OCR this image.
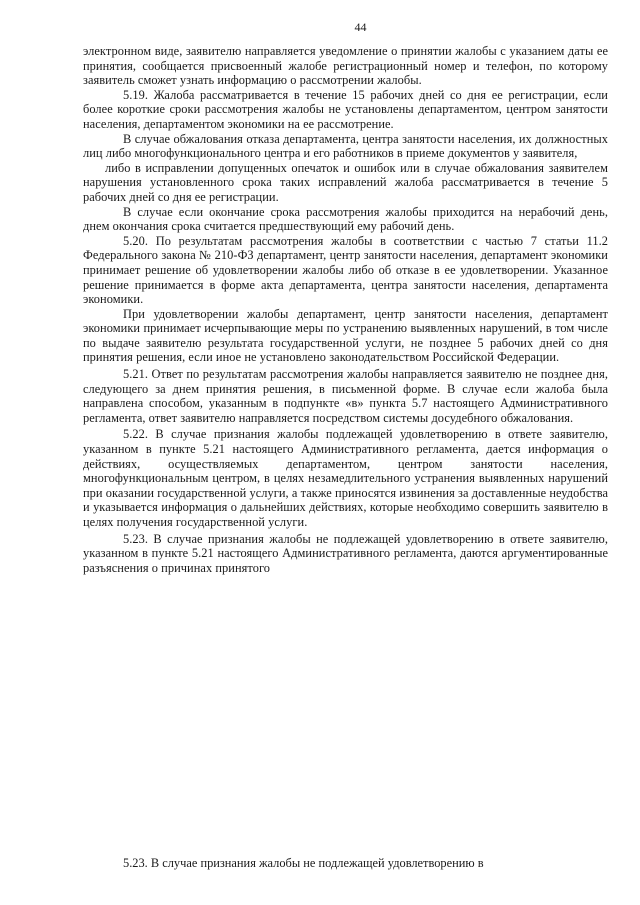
44

электронном виде, заявителю направляется уведомление о принятии жалобы с указанием даты ее принятия, сообщается присвоенный жалобе регистрационный номер и телефон, по которому заявитель сможет узнать информацию о рассмотрении жалобы.

5.19. Жалоба рассматривается в течение 15 рабочих дней со дня ее регистрации, если более короткие сроки рассмотрения жалобы не установлены департаментом, центром занятости населения, департаментом экономики на ее рассмотрение.

В случае обжалования отказа департамента, центра занятости населения, их должностных лиц либо многофункционального центра и его работников в приеме документов у заявителя,

либо в исправлении допущенных опечаток и ошибок или в случае обжалования заявителем нарушения установленного срока таких исправлений жалоба рассматривается в течение 5 рабочих дней со дня ее регистрации.

В случае если окончание срока рассмотрения жалобы приходится на нерабочий день, днем окончания срока считается предшествующий ему рабочий день.

5.20. По результатам рассмотрения жалобы в соответствии с частью 7 статьи 11.2 Федерального закона № 210-ФЗ департамент, центр занятости населения, департамент экономики принимает решение об удовлетворении жалобы либо об отказе в ее удовлетворении. Указанное решение принимается в форме акта департамента, центра занятости населения, департамента экономики.

При удовлетворении жалобы департамент, центр занятости населения, департамент экономики принимает исчерпывающие меры по устранению выявленных нарушений, в том числе по выдаче заявителю результата государственной услуги, не позднее 5 рабочих дней со дня принятия решения, если иное не установлено законодательством Российской Федерации.

5.21. Ответ по результатам рассмотрения жалобы направляется заявителю не позднее дня, следующего за днем принятия решения, в письменной форме. В случае если жалоба была направлена способом, указанным в подпункте «в» пункта 5.7 настоящего Административного регламента, ответ заявителю направляется посредством системы досудебного обжалования.

5.22. В случае признания жалобы подлежащей удовлетворению в ответе заявителю, указанном в пункте 5.21 настоящего Административного регламента, дается информация о действиях, осуществляемых департаментом, центром занятости населения, многофункциональным центром, в целях незамедлительного устранения выявленных нарушений при оказании государственной услуги, а также приносятся извинения за доставленные неудобства и указывается информация о дальнейших действиях, которые необходимо совершить заявителю в целях получения государственной услуги.

5.23. В случае признания жалобы не подлежащей удовлетворению в ответе заявителю, указанном в пункте 5.21 настоящего Административного регламента, даются аргументированные разъяснения о причинах принятого

5.23. В случае признания жалобы не подлежащей удовлетворению в
